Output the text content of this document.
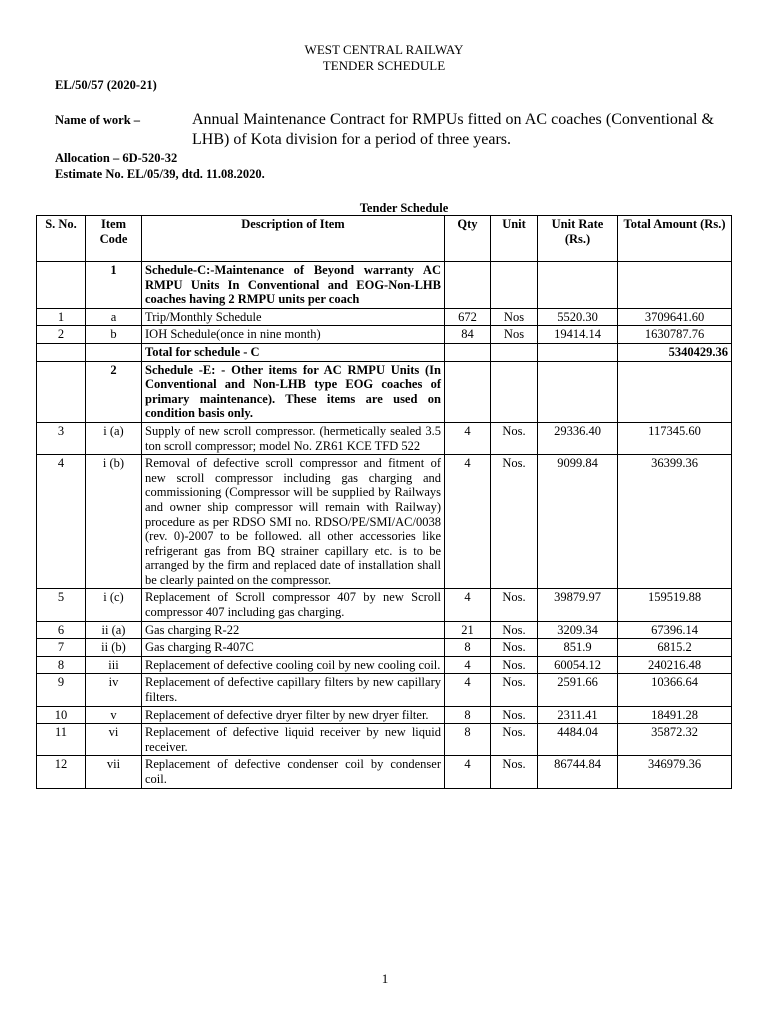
WEST CENTRAL RAILWAY
TENDER SCHEDULE
EL/50/57 (2020-21)
Name of work –	Annual Maintenance Contract for RMPUs fitted on AC coaches (Conventional & LHB) of Kota division for a period of three years.
Allocation – 6D-520-32
Estimate No. EL/05/39, dtd. 11.08.2020.
Tender Schedule
S. No.	Item Code	Description of Item	Qty	Unit	Unit Rate (Rs.)	Total Amount (Rs.)
	1	Schedule-C:-Maintenance of Beyond warranty AC RMPU Units In Conventional and EOG-Non-LHB coaches having 2 RMPU units per coach				
1	a	Trip/Monthly Schedule	672	Nos	5520.30	3709641.60
2	b	IOH Schedule(once in nine month)	84	Nos	19414.14	1630787.76
		Total for schedule - C				5340429.36
	2	Schedule -E: - Other items for AC RMPU Units (In Conventional and Non-LHB type EOG coaches of primary maintenance). These items are used on condition basis only.				
3	i (a)	Supply of new scroll compressor. (hermetically sealed 3.5 ton scroll compressor; model No. ZR61 KCE TFD 522	4	Nos.	29336.40	117345.60
4	i (b)	Removal of defective scroll compressor and fitment of new scroll compressor including gas charging and commissioning (Compressor will be supplied by Railways and owner ship compressor will remain with Railway) procedure as per RDSO SMI no. RDSO/PE/SMI/AC/0038 (rev. 0)-2007 to be followed. all other accessories like refrigerant gas from BQ strainer capillary etc. is to be arranged by the firm and replaced date of installation shall be clearly painted on the compressor.	4	Nos.	9099.84	36399.36
5	i (c)	Replacement of Scroll compressor 407 by new Scroll compressor 407 including gas charging.	4	Nos.	39879.97	159519.88
6	ii (a)	Gas charging R-22	21	Nos.	3209.34	67396.14
7	ii (b)	Gas charging R-407C	8	Nos.	851.9	6815.2
8	iii	Replacement of defective cooling coil by new cooling coil.	4	Nos.	60054.12	240216.48
9	iv	Replacement of defective capillary filters by new capillary filters.	4	Nos.	2591.66	10366.64
10	v	Replacement of defective dryer filter by new dryer filter.	8	Nos.	2311.41	18491.28
11	vi	Replacement of defective liquid receiver by new liquid receiver.	8	Nos.	4484.04	35872.32
12	vii	Replacement of defective condenser coil by condenser coil.	4	Nos.	86744.84	346979.36
1
